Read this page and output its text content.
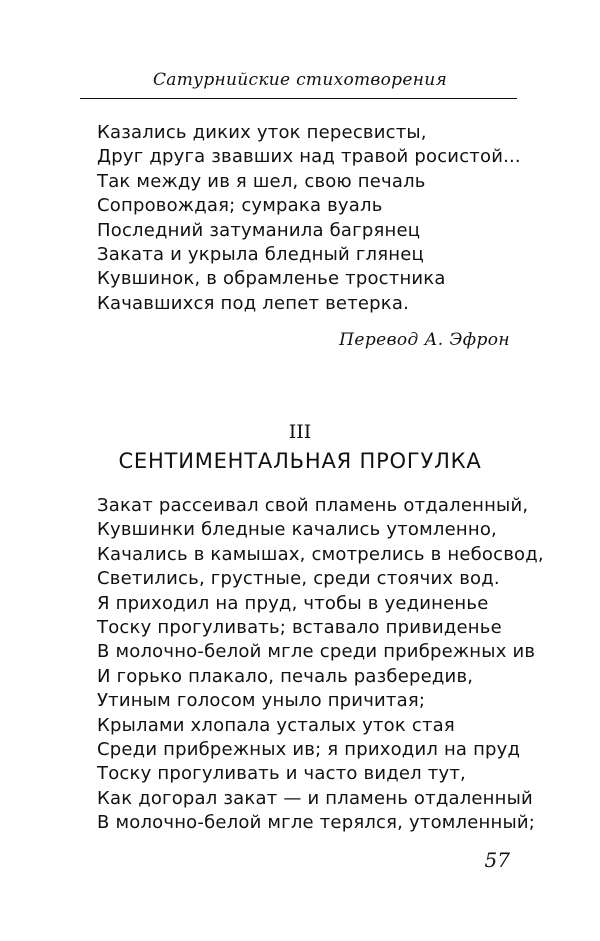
Сатурнийские стихотворения
Казались диких уток пересвисты,
Друг друга звавших над травой росистой...
Так между ив я шел, свою печаль
Сопровождая; сумрака вуаль
Последний затуманила багрянец
Заката и укрыла бледный глянец
Кувшинок, в обрамленье тростника
Качавшихся под лепет ветерка.
Перевод А. Эфрон
III
СЕНТИМЕНТАЛЬНАЯ ПРОГУЛКА
Закат рассеивал свой пламень отдаленный,
Кувшинки бледные качались утомленно,
Качались в камышах, смотрелись в небосвод,
Светились, грустные, среди стоячих вод.
Я приходил на пруд, чтобы в уединенье
Тоску прогуливать; вставало привиденье
В молочно-белой мгле среди прибрежных ив
И горько плакало, печаль разбередив,
Утиным голосом уныло причитая;
Крылами хлопала усталых уток стая
Среди прибрежных ив; я приходил на пруд
Тоску прогуливать и часто видел тут,
Как догорал закат — и пламень отдаленный
В молочно-белой мгле терялся, утомленный;
57
